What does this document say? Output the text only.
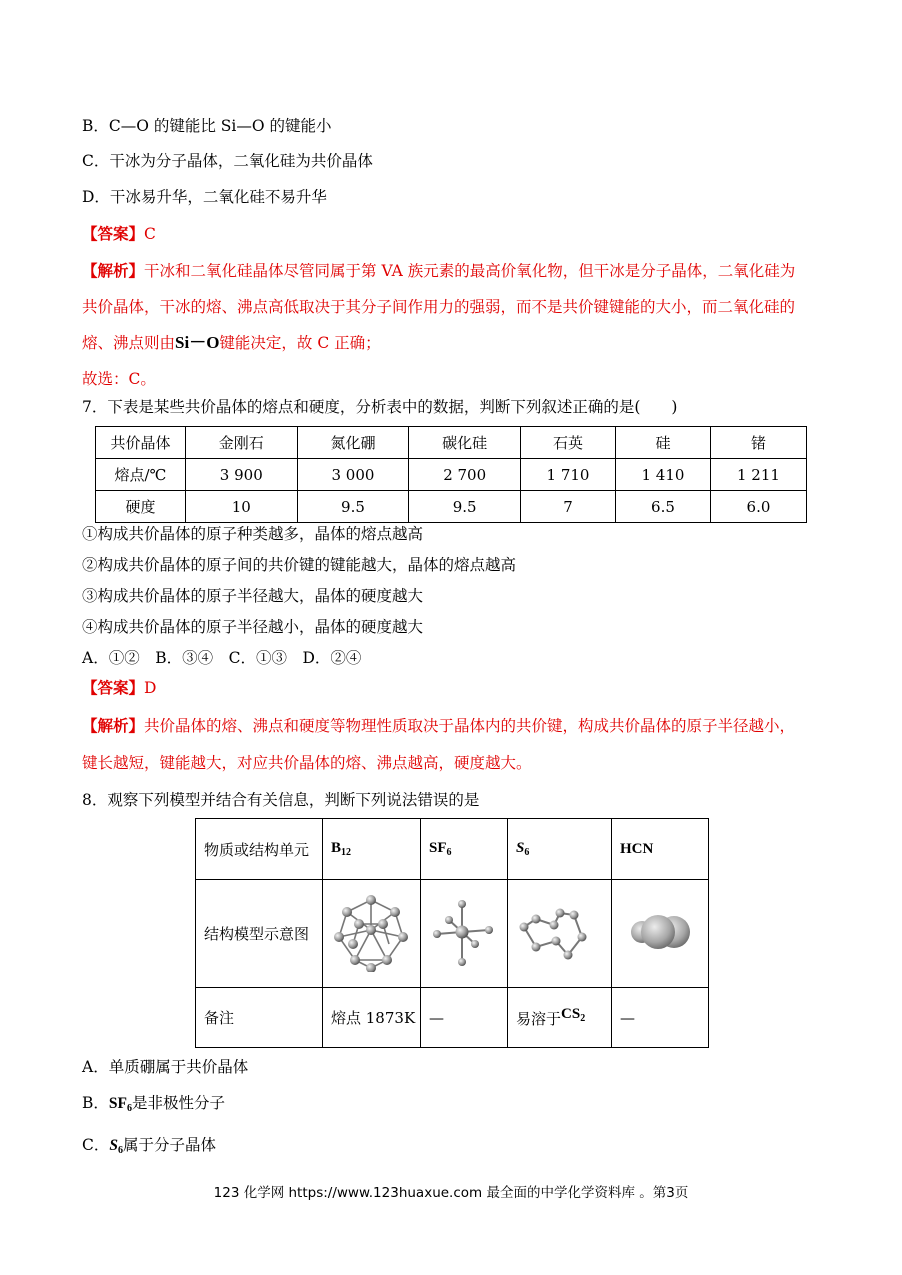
B．C—O 的键能比 Si—O 的键能小
C．干冰为分子晶体，二氧化硅为共价晶体
D．干冰易升华，二氧化硅不易升华
【答案】C
【解析】干冰和二氧化硅晶体尽管同属于第 VA 族元素的最高价氧化物，但干冰是分子晶体，二氧化硅为
共价晶体，干冰的熔、沸点高低取决于其分子间作用力的强弱，而不是共价键键能的大小，而二氧化硅的
熔、沸点则由Si－O键能决定，故 C 正确；
故选：C。
7．下表是某些共价晶体的熔点和硬度，分析表中的数据，判断下列叙述正确的是(　　)
共价晶体	金刚石	氮化硼	碳化硅	石英	硅	锗
熔点/℃	3 900	3 000	2 700	1 710	1 410	1 211
硬度	10	9.5	9.5	7	6.5	6.0
①构成共价晶体的原子种类越多，晶体的熔点越高
②构成共价晶体的原子间的共价键的键能越大，晶体的熔点越高
③构成共价晶体的原子半径越大，晶体的硬度越大
④构成共价晶体的原子半径越小，晶体的硬度越大
A．①②　B．③④　C．①③　D．②④
【答案】D
【解析】共价晶体的熔、沸点和硬度等物理性质取决于晶体内的共价键，构成共价晶体的原子半径越小，
键长越短，键能越大，对应共价晶体的熔、沸点越高，硬度越大。
8．观察下列模型并结合有关信息，判断下列说法错误的是
物质或结构单元	$B_{12}$	$SF_6$	$S_6$	HCN
结构模型示意图				
备注	熔点 1873K	—	易溶于$CS_2$	—
A．单质硼属于共价晶体
B．$SF_6$是非极性分子
C．$S_6$属于分子晶体
123 化学网 https://www.123huaxue.com 最全面的中学化学资料库 。第3页
